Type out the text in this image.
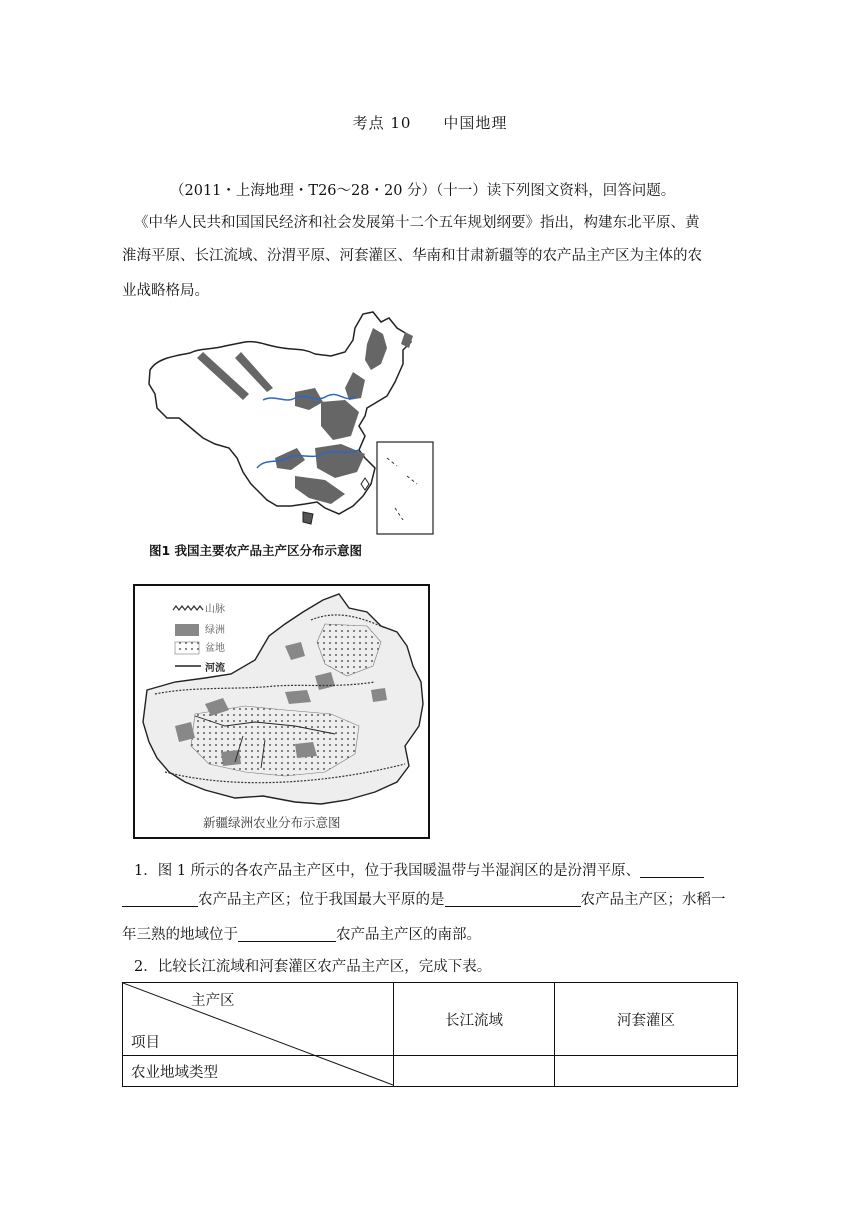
考点 10　　中国地理
（2011・上海地理・T26～28・20 分）（十一）读下列图文资料，回答问题。
《中华人民共和国国民经济和社会发展第十二个五年规划纲要》指出，构建东北平原、黄
淮海平原、长江流域、汾渭平原、河套灌区、华南和甘肃新疆等的农产品主产区为主体的农
业战略格局。
图1 我国主要农产品主产区分布示意图
山脉
绿洲
盆地
河流
新疆绿洲农业分布示意图
1．图 1 所示的各农产品主产区中，位于我国暖温带与半湿润区的是汾渭平原、
农产品主产区；位于我国最大平原的是	农产品主产区；水稻一
年三熟的地域位于	农产品主产区的南部。
2．比较长江流域和河套灌区农产品主产区，完成下表。
主产区
项目	长江流域	河套灌区
农业地域类型		
